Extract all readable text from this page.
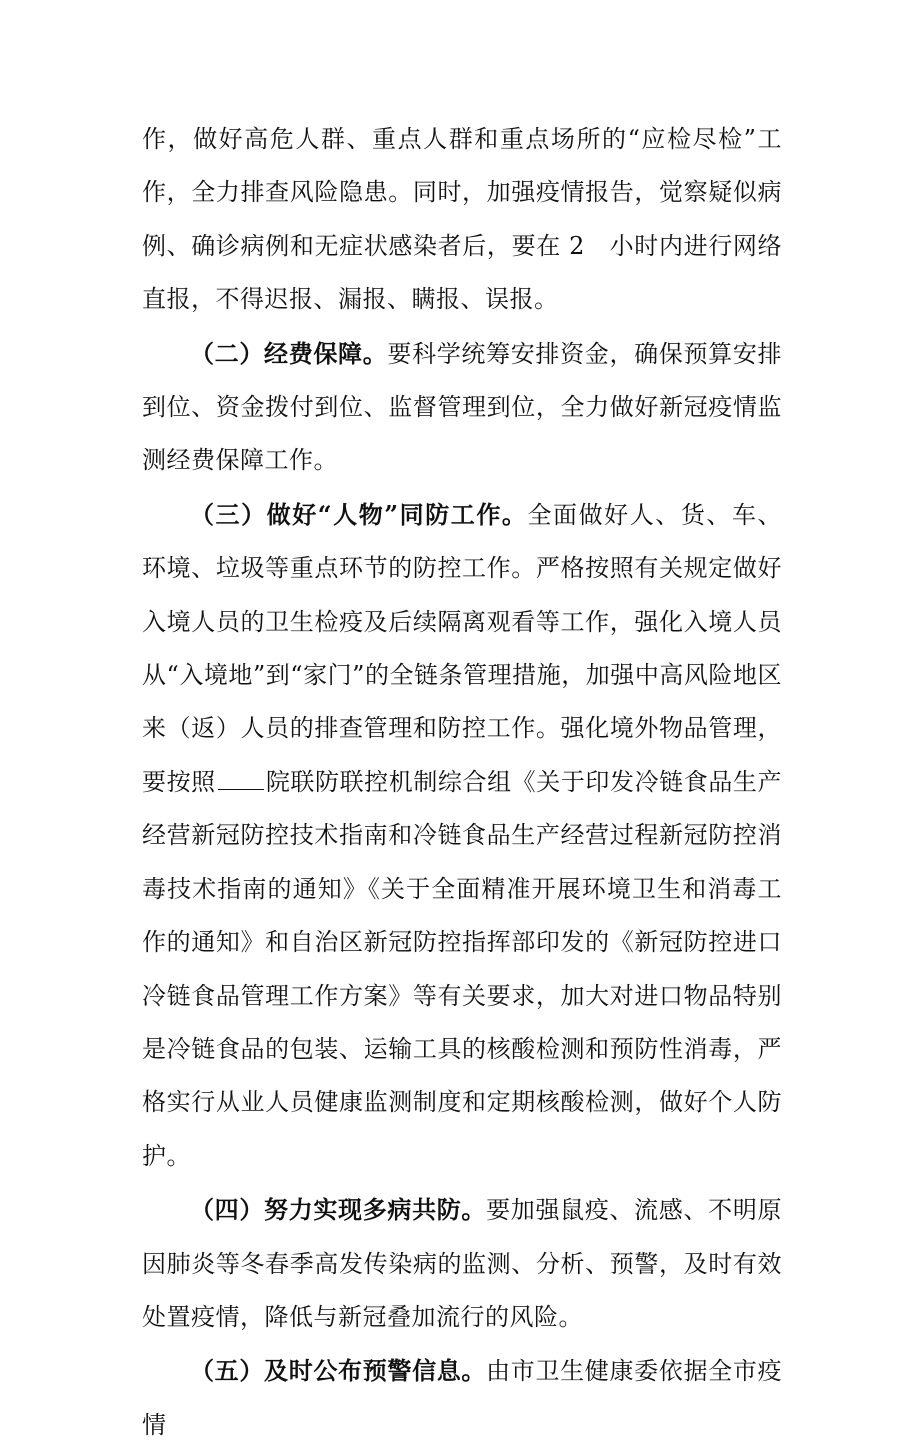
作，做好高危人群、重点人群和重点场所的“应检尽检”工作，全力排查风险隐患。同时，加强疫情报告，觉察疑似病例、确诊病例和无症状感染者后，要在 2　小时内进行网络直报，不得迟报、漏报、瞒报、误报。

（二）经费保障。要科学统筹安排资金，确保预算安排到位、资金拨付到位、监督管理到位，全力做好新冠疫情监测经费保障工作。

（三）做好“人物”同防工作。全面做好人、货、车、环境、垃圾等重点环节的防控工作。严格按照有关规定做好入境人员的卫生检疫及后续隔离观看等工作，强化入境人员从“入境地”到“家门”的全链条管理措施，加强中高风险地区来（返）人员的排查管理和防控工作。强化境外物品管理，要按照 院联防联控机制综合组《关于印发冷链食品生产经营新冠防控技术指南和冷链食品生产经营过程新冠防控消毒技术指南的通知》《关于全面精准开展环境卫生和消毒工作的通知》和自治区新冠防控指挥部印发的《新冠防控进口冷链食品管理工作方案》等有关要求，加大对进口物品特别是冷链食品的包装、运输工具的核酸检测和预防性消毒，严格实行从业人员健康监测制度和定期核酸检测，做好个人防护。

（四）努力实现多病共防。要加强鼠疫、流感、不明原因肺炎等冬春季高发传染病的监测、分析、预警，及时有效处置疫情，降低与新冠叠加流行的风险。

（五）及时公布预警信息。由市卫生健康委依据全市疫情
